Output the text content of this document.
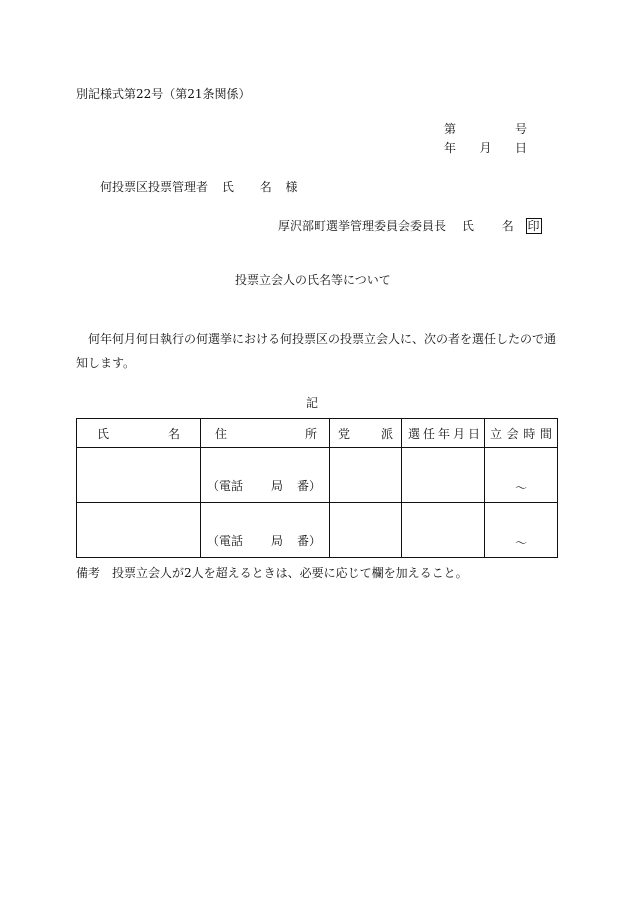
別記様式第22号（第21条関係）
第	号
年 月 日
何投票区投票管理者 氏 名 様
厚沢部町選挙管理委員会委員長 氏 名 印
投票立会人の氏名等について
何年何月何日執行の何選挙における何投票区の投票立会人に、次の者を選任したので通
知します。
記
氏 名	住 所	党 派	選 任 年 月 日	立 会 時 間

	（電話 局 番）			～

	（電話 局 番）			～
備考　投票立会人が2人を超えるときは、必要に応じて欄を加えること。
